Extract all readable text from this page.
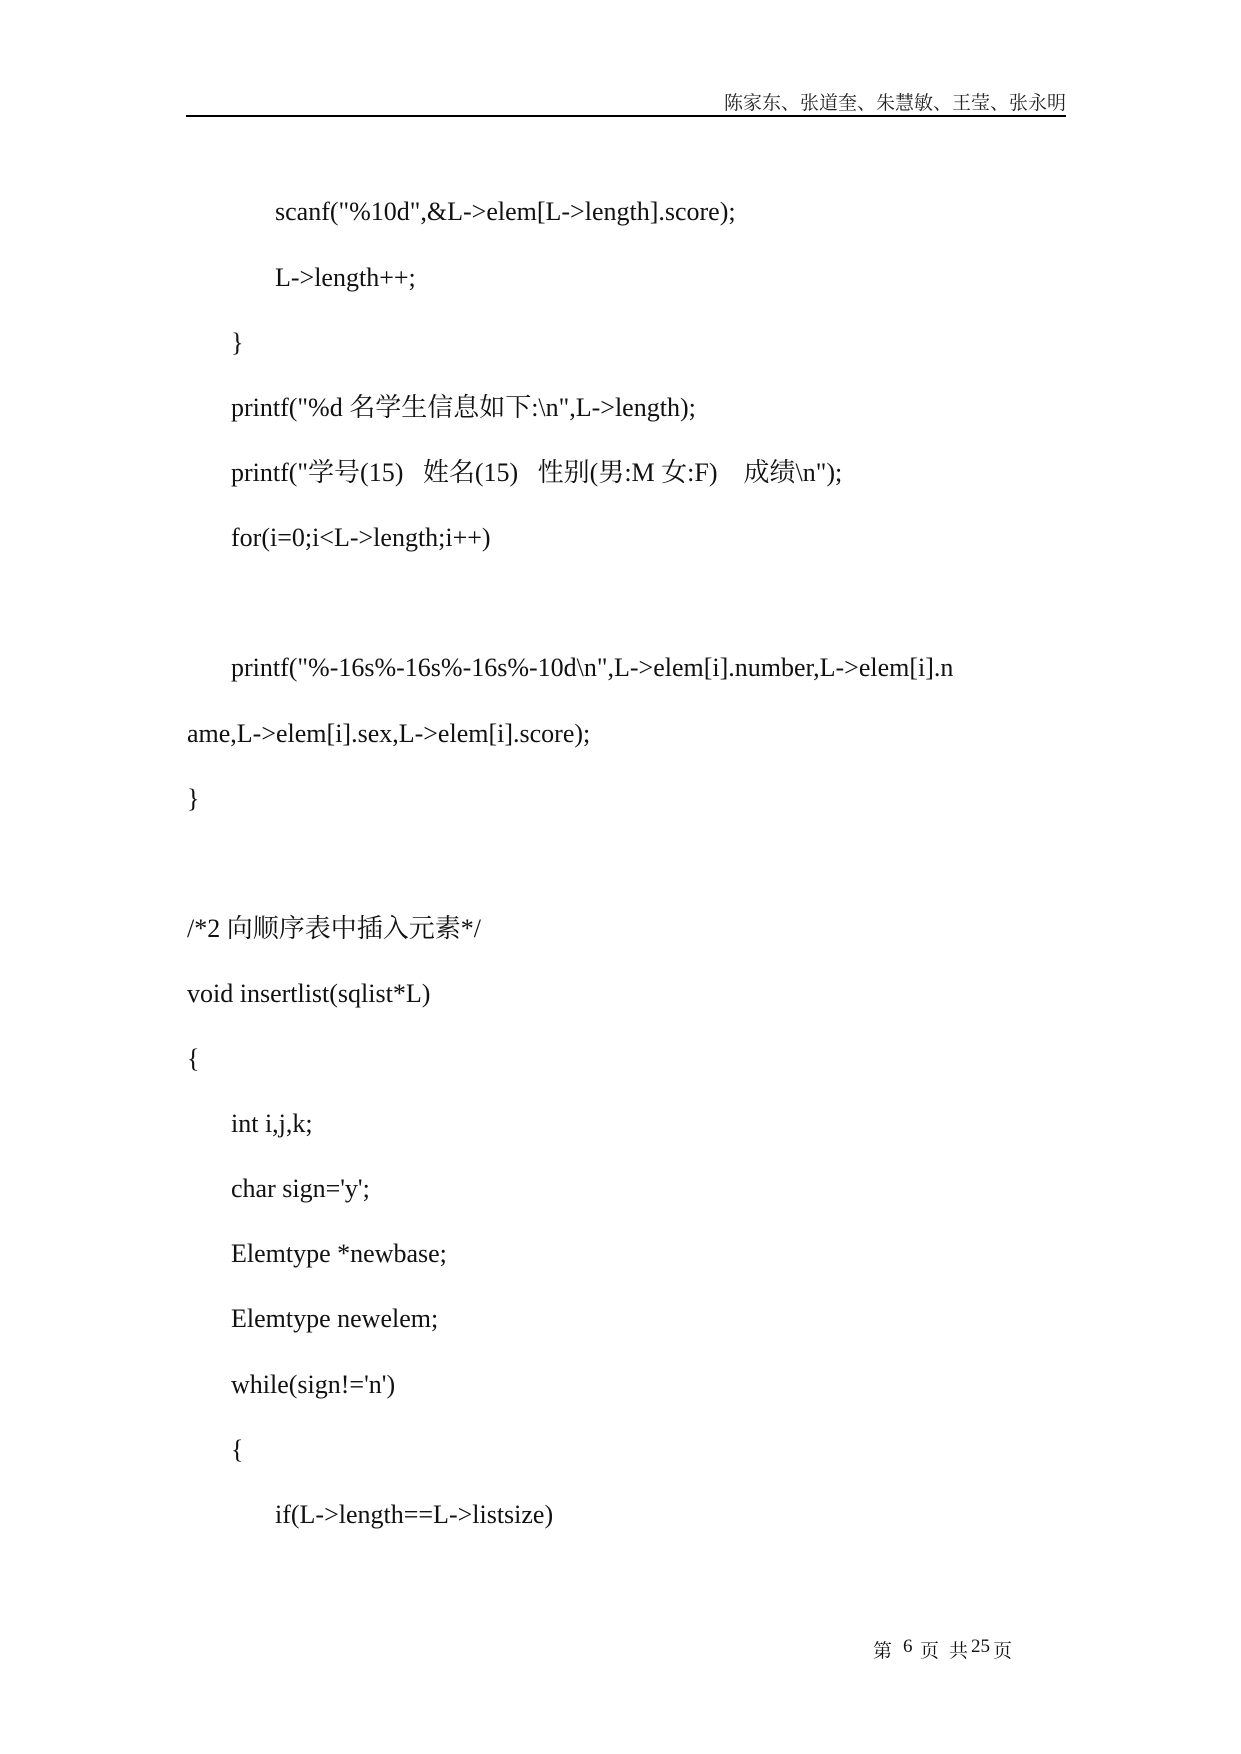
陈家东、张道奎、朱慧敏、王莹、张永明
scanf("%10d",&L->elem[L->length].score);
L->length++;
}
printf("%d 名学生信息如下:\n",L->length);
printf("学号(15)   姓名(15)   性别(男:M 女:F)    成绩\n");
for(i=0;i<L->length;i++)
printf("%-16s%-16s%-16s%-10d\n",L->elem[i].number,L->elem[i].n
ame,L->elem[i].sex,L->elem[i].score);
}
/*2 向顺序表中插入元素*/
void insertlist(sqlist*L)
{
int i,j,k;
char sign='y';
Elemtype *newbase;
Elemtype newelem;
while(sign!='n')
{
if(L->length==L->listsize)
第 6 页 共 25 页
